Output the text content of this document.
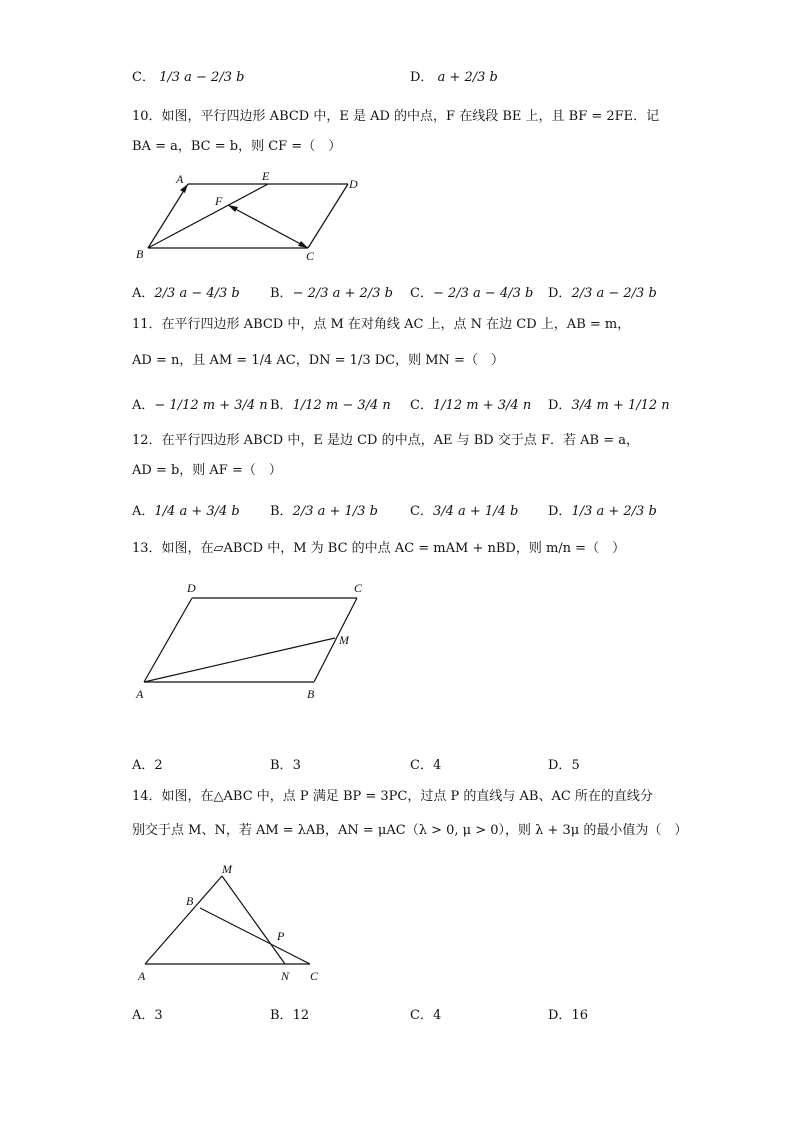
C． 1/3 a − 2/3 b	D． a + 2/3 b
10．如图，平行四边形 ABCD 中，E 是 AD 的中点，F 在线段 BE 上，且 BF = 2FE．记
BA = a，BC = b，则 CF =（　）
A	E
D
F
B	C
A．2/3 a − 4/3 b B．− 2/3 a + 2/3 b C．− 2/3 a − 4/3 b D．2/3 a − 2/3 b
11．在平行四边形 ABCD 中，点 M 在对角线 AC 上，点 N 在边 CD 上，AB = m，
AD = n，且 AM = 1/4 AC，DN = 1/3 DC，则 MN =（　）
A．− 1/12 m + 3/4 n B．1/12 m − 3/4 n C．1/12 m + 3/4 n D．3/4 m + 1/12 n
12．在平行四边形 ABCD 中，E 是边 CD 的中点，AE 与 BD 交于点 F．若 AB = a，
AD = b，则 AF =（　）
A．1/4 a + 3/4 b B．2/3 a + 1/3 b C．3/4 a + 1/4 b D．1/3 a + 2/3 b
13．如图，在▱ABCD 中，M 为 BC 的中点 AC = mAM + nBD，则 m/n =（　）
D	C
M
A	B
A．2	B．3	C．4	D．5
14．如图，在△ABC 中，点 P 满足 BP = 3PC，过点 P 的直线与 AB、AC 所在的直线分
别交于点 M、N，若 AM = λAB，AN = μAC（λ > 0, μ > 0），则 λ + 3μ 的最小值为（　）
M
B
P
A	N C
A．3	B．12	C．4	D．16
